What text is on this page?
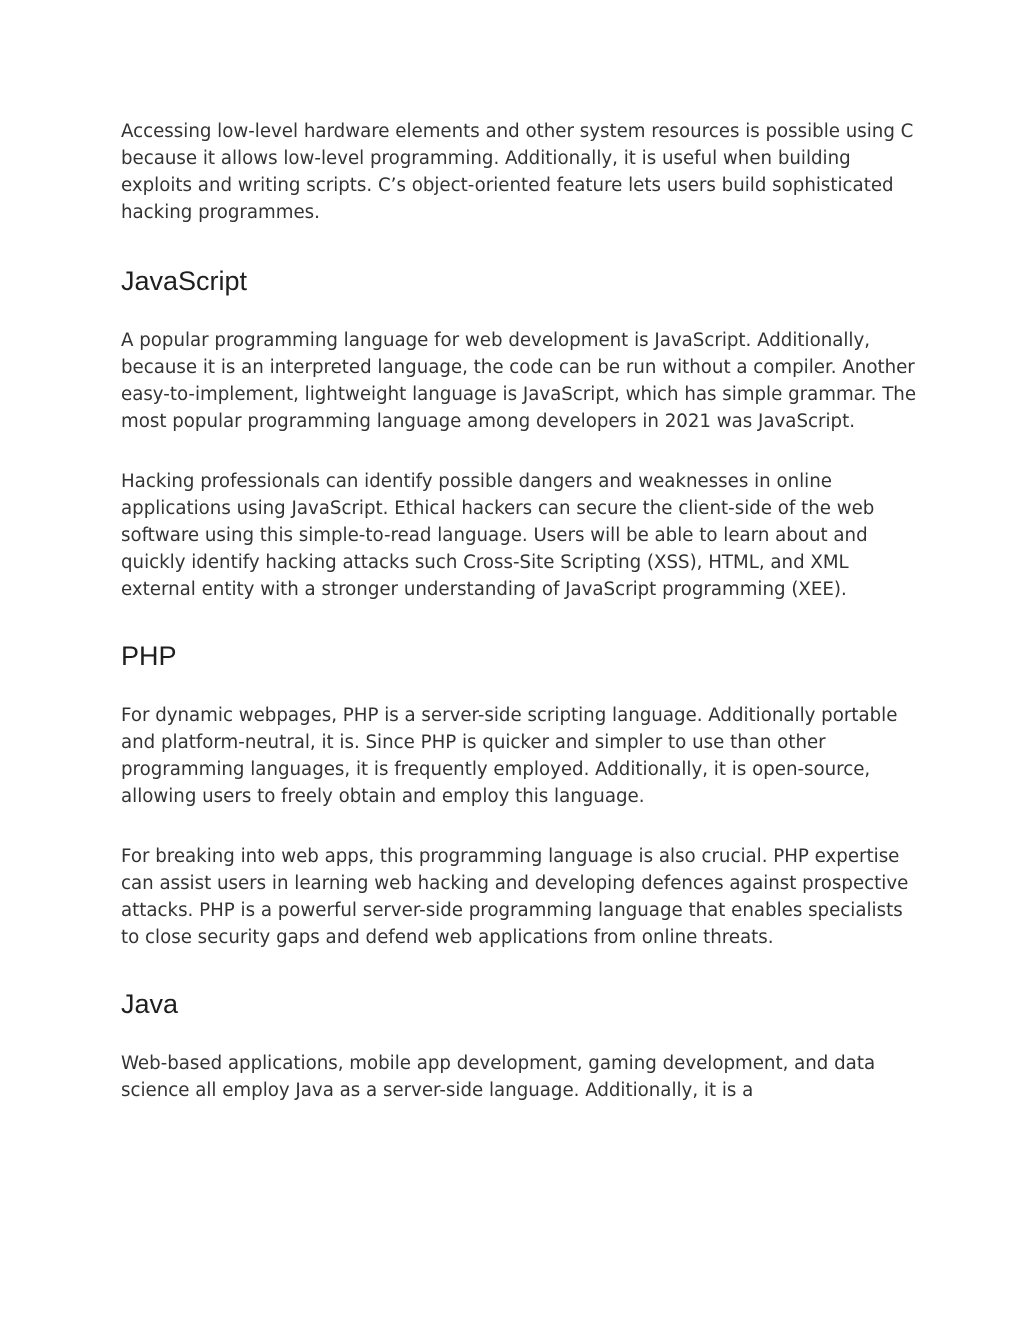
Accessing low-level hardware elements and other system resources is possible using C because it allows low-level programming. Additionally, it is useful when building exploits and writing scripts. C’s object-oriented feature lets users build sophisticated hacking programmes.

JavaScript

A popular programming language for web development is JavaScript. Additionally, because it is an interpreted language, the code can be run without a compiler. Another easy-to-implement, lightweight language is JavaScript, which has simple grammar. The most popular programming language among developers in 2021 was JavaScript.

Hacking professionals can identify possible dangers and weaknesses in online applications using JavaScript. Ethical hackers can secure the client-side of the web software using this simple-to-read language. Users will be able to learn about and quickly identify hacking attacks such Cross-Site Scripting (XSS), HTML, and XML external entity with a stronger understanding of JavaScript programming (XEE).

PHP

For dynamic webpages, PHP is a server-side scripting language. Additionally portable and platform-neutral, it is. Since PHP is quicker and simpler to use than other programming languages, it is frequently employed. Additionally, it is open-source, allowing users to freely obtain and employ this language.

For breaking into web apps, this programming language is also crucial. PHP expertise can assist users in learning web hacking and developing defences against prospective attacks. PHP is a powerful server-side programming language that enables specialists to close security gaps and defend web applications from online threats.

Java

Web-based applications, mobile app development, gaming development, and data science all employ Java as a server-side language. Additionally, it is a
